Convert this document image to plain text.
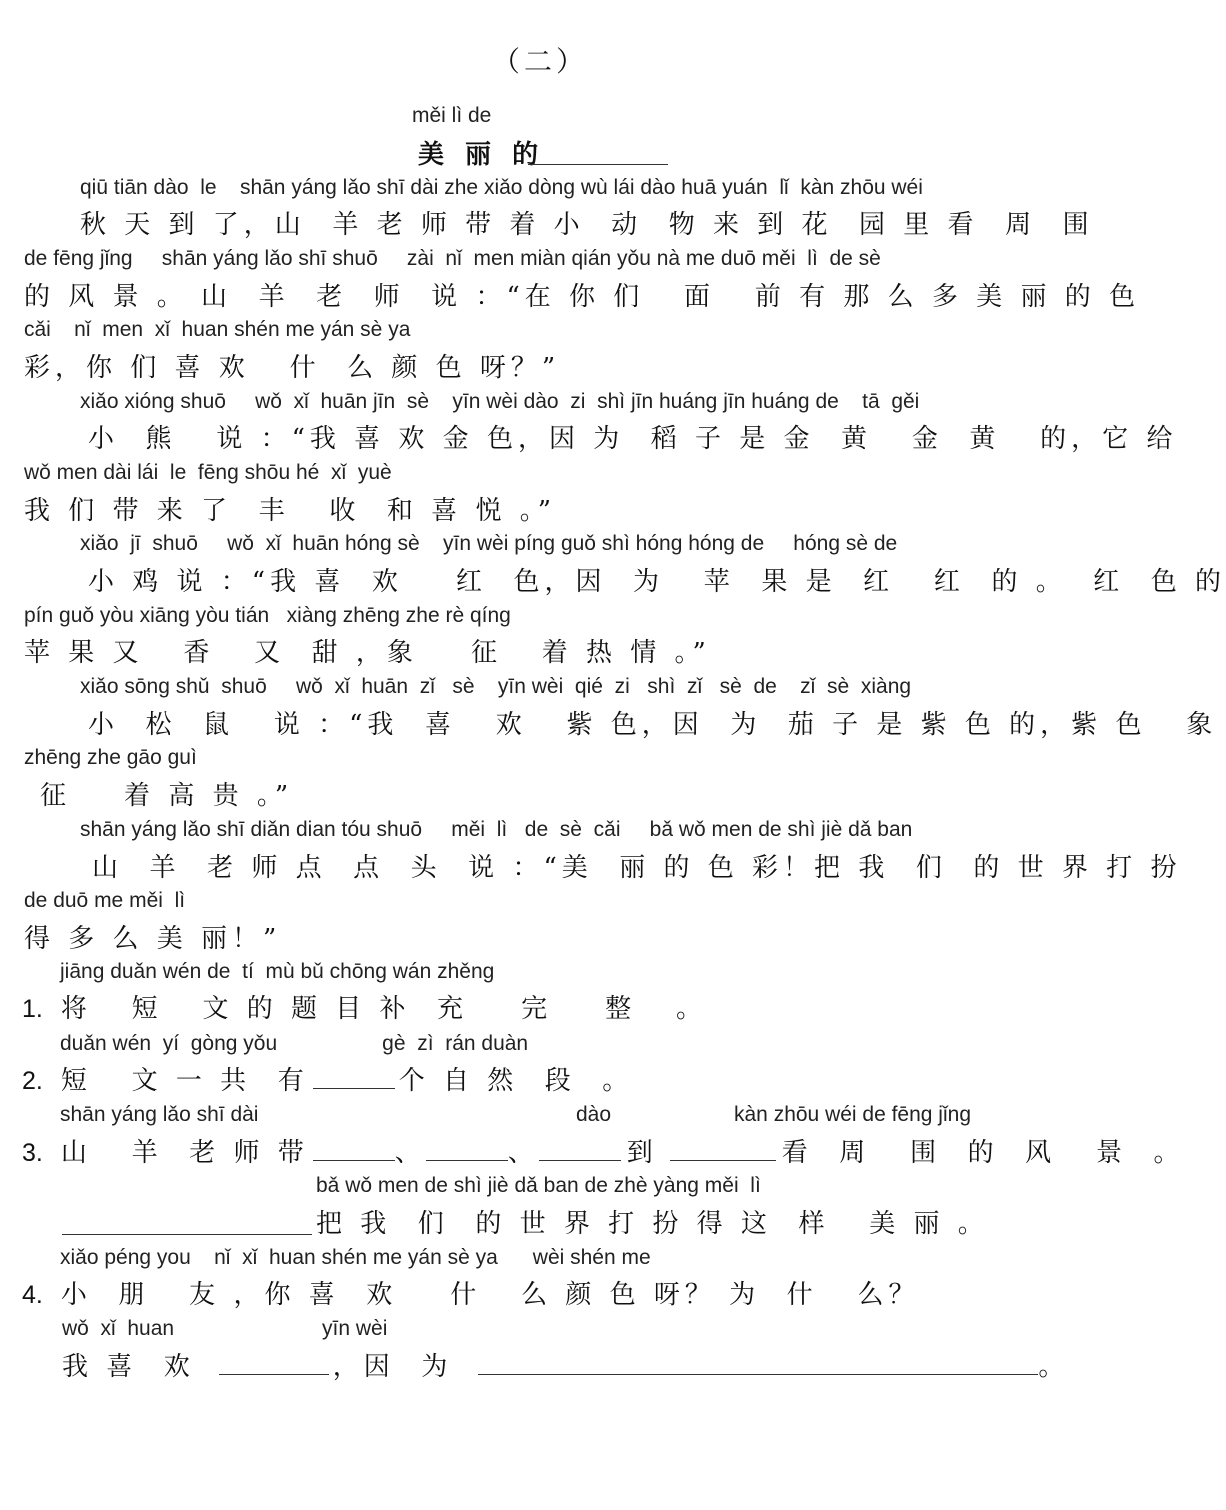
（二）
měi lì de
美 丽 的
qiū tiān dào  le    shān yáng lǎo shī dài zhe xiǎo dòng wù lái dào huā yuán  lǐ  kàn zhōu wéi
秋 天 到 了，山  羊 老 师 带 着 小  动  物 来 到 花  园 里 看  周  围
de fēng jǐng     shān yáng lǎo shī shuō     zài  nǐ  men miàn qián yǒu nà me duō měi  lì  de sè
的 风 景 。 山  羊  老  师  说 ：“在 你 们   面   前 有 那 么 多 美 丽 的 色
cǎi    nǐ  men  xǐ  huan shén me yán sè ya
彩，你 们 喜 欢   什  么 颜 色 呀？”
xiǎo xióng shuō     wǒ  xǐ  huān jīn  sè    yīn wèi dào  zi  shì jīn huáng jīn huáng de    tā  gěi
小  熊   说 ：“我 喜 欢 金 色，因 为  稻 子 是 金  黄   金  黄   的，它 给
wǒ men dài lái  le  fēng shōu hé  xǐ  yuè
我 们 带 来 了  丰   收  和 喜 悦 。”
xiǎo  jī  shuō     wǒ  xǐ  huān hóng sè    yīn wèi píng guǒ shì hóng hóng de     hóng sè de
小 鸡 说 ：“我 喜  欢    红  色，因  为   苹  果 是  红   红  的 。  红  色 的
pín guǒ yòu xiāng yòu tián   xiàng zhēng zhe rè qíng
苹 果 又   香   又  甜 ，象    征   着 热 情 。”
xiǎo sōng shǔ  shuō     wǒ  xǐ  huān  zǐ   sè    yīn wèi  qié  zi   shì  zǐ   sè  de    zǐ  sè  xiàng
小  松  鼠   说 ：“我  喜   欢   紫 色，因  为  茄 子 是 紫 色 的，紫 色   象
zhēng zhe gāo guì
征    着 高 贵 。”
shān yáng lǎo shī diǎn dian tóu shuō     měi  lì   de  sè  cǎi     bǎ wǒ men de shì jiè dǎ ban
山  羊  老 师 点  点  头  说 ：“美  丽 的 色 彩！把 我  们  的 世 界 打 扮
de duō me měi  lì
得 多 么 美 丽！”
jiāng duǎn wén de  tí  mù bǔ chōng wán zhěng
1. 将   短   文 的 题 目 补  充    完    整   。
duǎn wén  yí  gòng yǒu                  gè  zì  rán duàn
2. 短   文 一 共  有	个 自 然  段  。
shān yáng lǎo shī dài	dào	kàn zhōu wéi de fēng jǐng
3. 山   羊  老 师 带	、	、	到	看  周   围  的  风   景  。
bǎ wǒ men de shì jiè dǎ ban de zhè yàng měi  lì
把 我  们  的 世 界 打 扮 得 这  样   美 丽 。
xiǎo péng you    nǐ  xǐ  huan shén me yán sè ya      wèi shén me
4. 小  朋   友 ，你 喜  欢    什   么 颜 色 呀？ 为  什   么？
wǒ  xǐ  huan	yīn wèi
我 喜  欢	，因  为	。
